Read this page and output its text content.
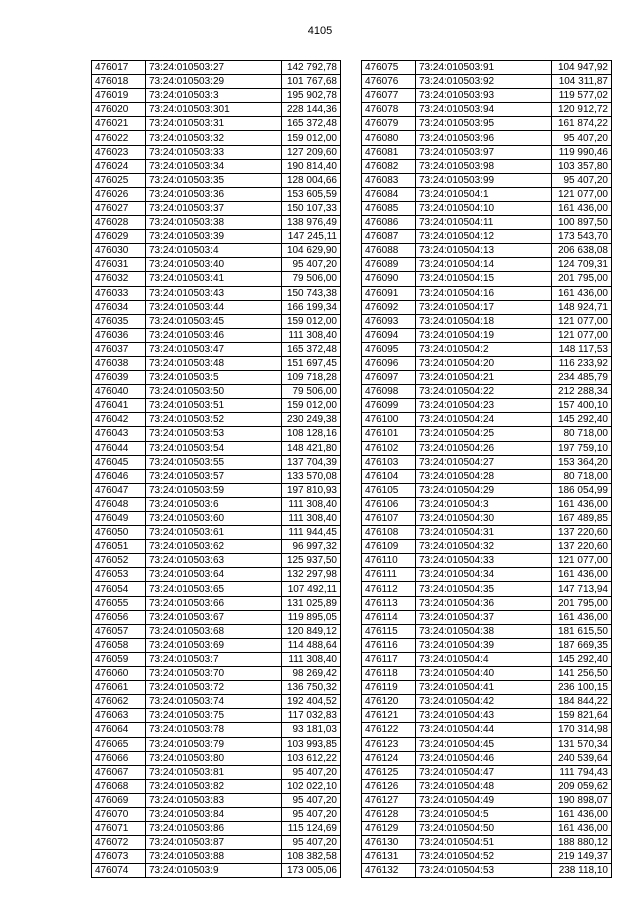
4105
476017	73:24:010503:27	142 792,78
476018	73:24:010503:29	101 767,68
476019	73:24:010503:3	195 902,78
476020	73:24:010503:301	228 144,36
476021	73:24:010503:31	165 372,48
476022	73:24:010503:32	159 012,00
476023	73:24:010503:33	127 209,60
476024	73:24:010503:34	190 814,40
476025	73:24:010503:35	128 004,66
476026	73:24:010503:36	153 605,59
476027	73:24:010503:37	150 107,33
476028	73:24:010503:38	138 976,49
476029	73:24:010503:39	147 245,11
476030	73:24:010503:4	104 629,90
476031	73:24:010503:40	95 407,20
476032	73:24:010503:41	79 506,00
476033	73:24:010503:43	150 743,38
476034	73:24:010503:44	166 199,34
476035	73:24:010503:45	159 012,00
476036	73:24:010503:46	111 308,40
476037	73:24:010503:47	165 372,48
476038	73:24:010503:48	151 697,45
476039	73:24:010503:5	109 718,28
476040	73:24:010503:50	79 506,00
476041	73:24:010503:51	159 012,00
476042	73:24:010503:52	230 249,38
476043	73:24:010503:53	108 128,16
476044	73:24:010503:54	148 421,80
476045	73:24:010503:55	137 704,39
476046	73:24:010503:57	133 570,08
476047	73:24:010503:59	197 810,93
476048	73:24:010503:6	111 308,40
476049	73:24:010503:60	111 308,40
476050	73:24:010503:61	111 944,45
476051	73:24:010503:62	96 997,32
476052	73:24:010503:63	125 937,50
476053	73:24:010503:64	132 297,98
476054	73:24:010503:65	107 492,11
476055	73:24:010503:66	131 025,89
476056	73:24:010503:67	119 895,05
476057	73:24:010503:68	120 849,12
476058	73:24:010503:69	114 488,64
476059	73:24:010503:7	111 308,40
476060	73:24:010503:70	98 269,42
476061	73:24:010503:72	136 750,32
476062	73:24:010503:74	192 404,52
476063	73:24:010503:75	117 032,83
476064	73:24:010503:78	93 181,03
476065	73:24:010503:79	103 993,85
476066	73:24:010503:80	103 612,22
476067	73:24:010503:81	95 407,20
476068	73:24:010503:82	102 022,10
476069	73:24:010503:83	95 407,20
476070	73:24:010503:84	95 407,20
476071	73:24:010503:86	115 124,69
476072	73:24:010503:87	95 407,20
476073	73:24:010503:88	108 382,58
476074	73:24:010503:9	173 005,06
476075	73:24:010503:91	104 947,92
476076	73:24:010503:92	104 311,87
476077	73:24:010503:93	119 577,02
476078	73:24:010503:94	120 912,72
476079	73:24:010503:95	161 874,22
476080	73:24:010503:96	95 407,20
476081	73:24:010503:97	119 990,46
476082	73:24:010503:98	103 357,80
476083	73:24:010503:99	95 407,20
476084	73:24:010504:1	121 077,00
476085	73:24:010504:10	161 436,00
476086	73:24:010504:11	100 897,50
476087	73:24:010504:12	173 543,70
476088	73:24:010504:13	206 638,08
476089	73:24:010504:14	124 709,31
476090	73:24:010504:15	201 795,00
476091	73:24:010504:16	161 436,00
476092	73:24:010504:17	148 924,71
476093	73:24:010504:18	121 077,00
476094	73:24:010504:19	121 077,00
476095	73:24:010504:2	148 117,53
476096	73:24:010504:20	116 233,92
476097	73:24:010504:21	234 485,79
476098	73:24:010504:22	212 288,34
476099	73:24:010504:23	157 400,10
476100	73:24:010504:24	145 292,40
476101	73:24:010504:25	80 718,00
476102	73:24:010504:26	197 759,10
476103	73:24:010504:27	153 364,20
476104	73:24:010504:28	80 718,00
476105	73:24:010504:29	186 054,99
476106	73:24:010504:3	161 436,00
476107	73:24:010504:30	167 489,85
476108	73:24:010504:31	137 220,60
476109	73:24:010504:32	137 220,60
476110	73:24:010504:33	121 077,00
476111	73:24:010504:34	161 436,00
476112	73:24:010504:35	147 713,94
476113	73:24:010504:36	201 795,00
476114	73:24:010504:37	161 436,00
476115	73:24:010504:38	181 615,50
476116	73:24:010504:39	187 669,35
476117	73:24:010504:4	145 292,40
476118	73:24:010504:40	141 256,50
476119	73:24:010504:41	236 100,15
476120	73:24:010504:42	184 844,22
476121	73:24:010504:43	159 821,64
476122	73:24:010504:44	170 314,98
476123	73:24:010504:45	131 570,34
476124	73:24:010504:46	240 539,64
476125	73:24:010504:47	111 794,43
476126	73:24:010504:48	209 059,62
476127	73:24:010504:49	190 898,07
476128	73:24:010504:5	161 436,00
476129	73:24:010504:50	161 436,00
476130	73:24:010504:51	188 880,12
476131	73:24:010504:52	219 149,37
476132	73:24:010504:53	238 118,10
